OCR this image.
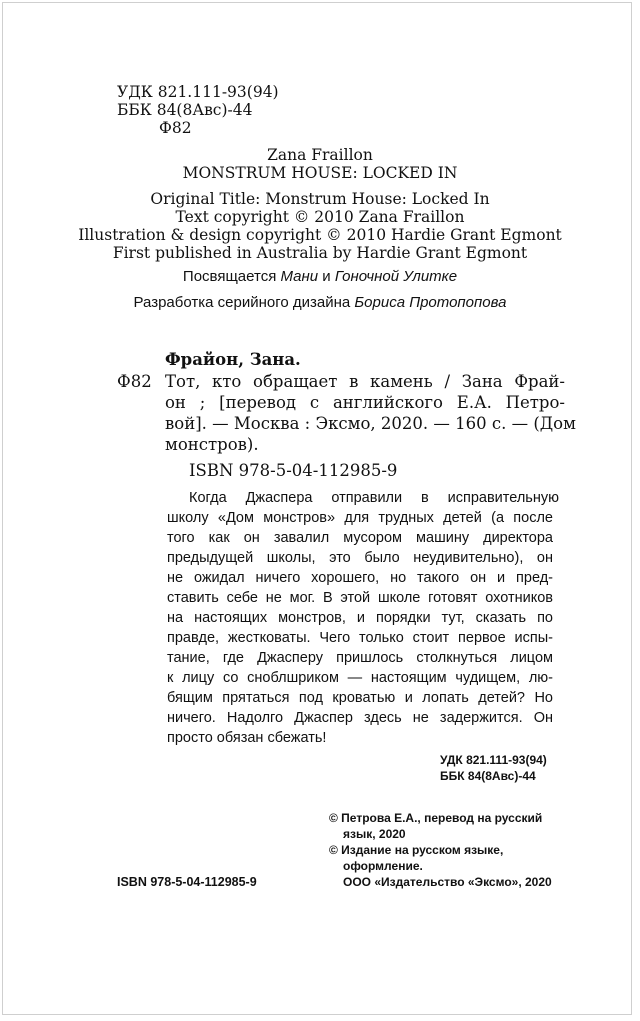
УДК 821.111-93(94)
ББК 84(8Авс)-44
Ф82
Zana Fraillon
MONSTRUM HOUSE: LOCKED IN
Original Title: Monstrum House: Locked In
Text copyright © 2010 Zana Fraillon
Illustration & design copyright © 2010 Hardie Grant Egmont
First published in Australia by Hardie Grant Egmont
Посвящается Мани и Гоночной Улитке
Разработка серийного дизайна Бориса Протопопова
Фрайон, Зана.
Ф82 Тот, кто обращает в камень / Зана Фрай-
он ; [перевод с английского Е.А. Петро-
вой]. — Москва : Эксмо, 2020. — 160 с. — (Дом
монстров).
ISBN 978-5-04-112985-9
Когда Джаспера отправили в исправительную
школу «Дом монстров» для трудных детей (а после
того как он завалил мусором машину директора
предыдущей школы, это было неудивительно), он
не ожидал ничего хорошего, но такого он и пред-
ставить себе не мог. В этой школе готовят охотников
на настоящих монстров, и порядки тут, сказать по
правде, жестковаты. Чего только стоит первое испы-
тание, где Джасперу пришлось столкнуться лицом
к лицу со сноблшриком — настоящим чудищем, лю-
бящим прятаться под кроватью и лопать детей? Но
ничего. Надолго Джаспер здесь не задержится. Он
просто обязан сбежать!
УДК 821.111-93(94)
ББК 84(8Авс)-44
© Петрова Е.А., перевод на русский
язык, 2020
© Издание на русском языке,
оформление.
ООО «Издательство «Эксмо», 2020
ISBN 978-5-04-112985-9
